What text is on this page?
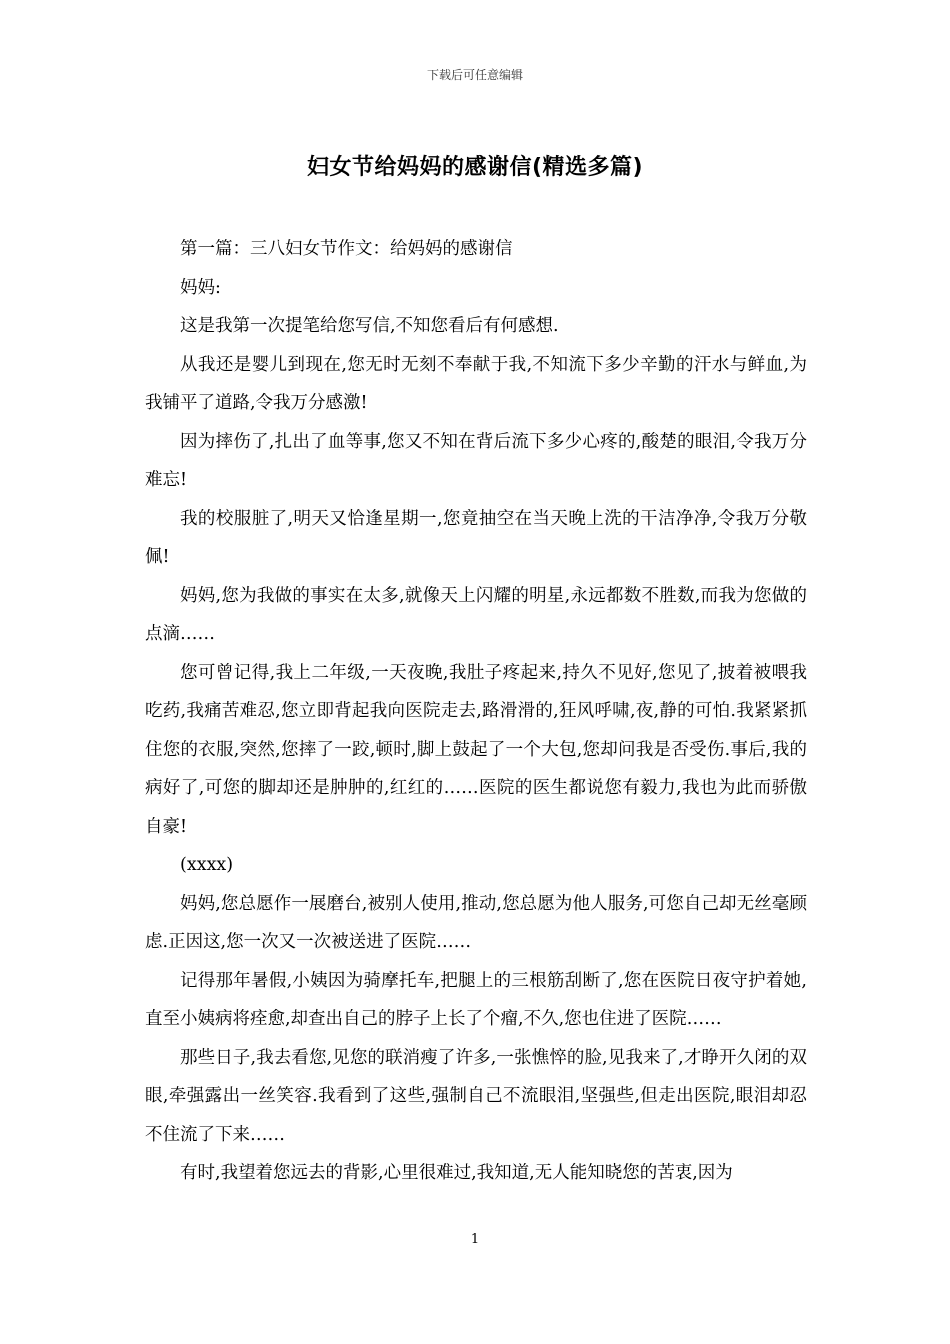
下载后可任意编辑
妇女节给妈妈的感谢信(精选多篇)

第一篇：三八妇女节作文：给妈妈的感谢信

妈妈:

这是我第一次提笔给您写信,不知您看后有何感想.

从我还是婴儿到现在,您无时无刻不奉献于我,不知流下多少辛勤的汗水与鲜血,为我铺平了道路,令我万分感激!

因为摔伤了,扎出了血等事,您又不知在背后流下多少心疼的,酸楚的眼泪,令我万分难忘!

我的校服脏了,明天又恰逢星期一,您竟抽空在当天晚上洗的干洁净净,令我万分敬佩!

妈妈,您为我做的事实在太多,就像天上闪耀的明星,永远都数不胜数,而我为您做的点滴……

您可曾记得,我上二年级,一天夜晚,我肚子疼起来,持久不见好,您见了,披着被喂我吃药,我痛苦难忍,您立即背起我向医院走去,路滑滑的,狂风呼啸,夜,静的可怕.我紧紧抓住您的衣服,突然,您摔了一跤,顿时,脚上鼓起了一个大包,您却问我是否受伤.事后,我的病好了,可您的脚却还是肿肿的,红红的……医院的医生都说您有毅力,我也为此而骄傲自豪!

(xxxx)

妈妈,您总愿作一展磨台,被别人使用,推动,您总愿为他人服务,可您自己却无丝毫顾虑.正因这,您一次又一次被送进了医院……

记得那年暑假,小姨因为骑摩托车,把腿上的三根筋刮断了,您在医院日夜守护着她,直至小姨病将痊愈,却查出自己的脖子上长了个瘤,不久,您也住进了医院……

那些日子,我去看您,见您的联消瘦了许多,一张憔悴的脸,见我来了,才睁开久闭的双眼,牵强露出一丝笑容.我看到了这些,强制自己不流眼泪,坚强些,但走出医院,眼泪却忍不住流了下来……

有时,我望着您远去的背影,心里很难过,我知道,无人能知晓您的苦衷,因为

1
